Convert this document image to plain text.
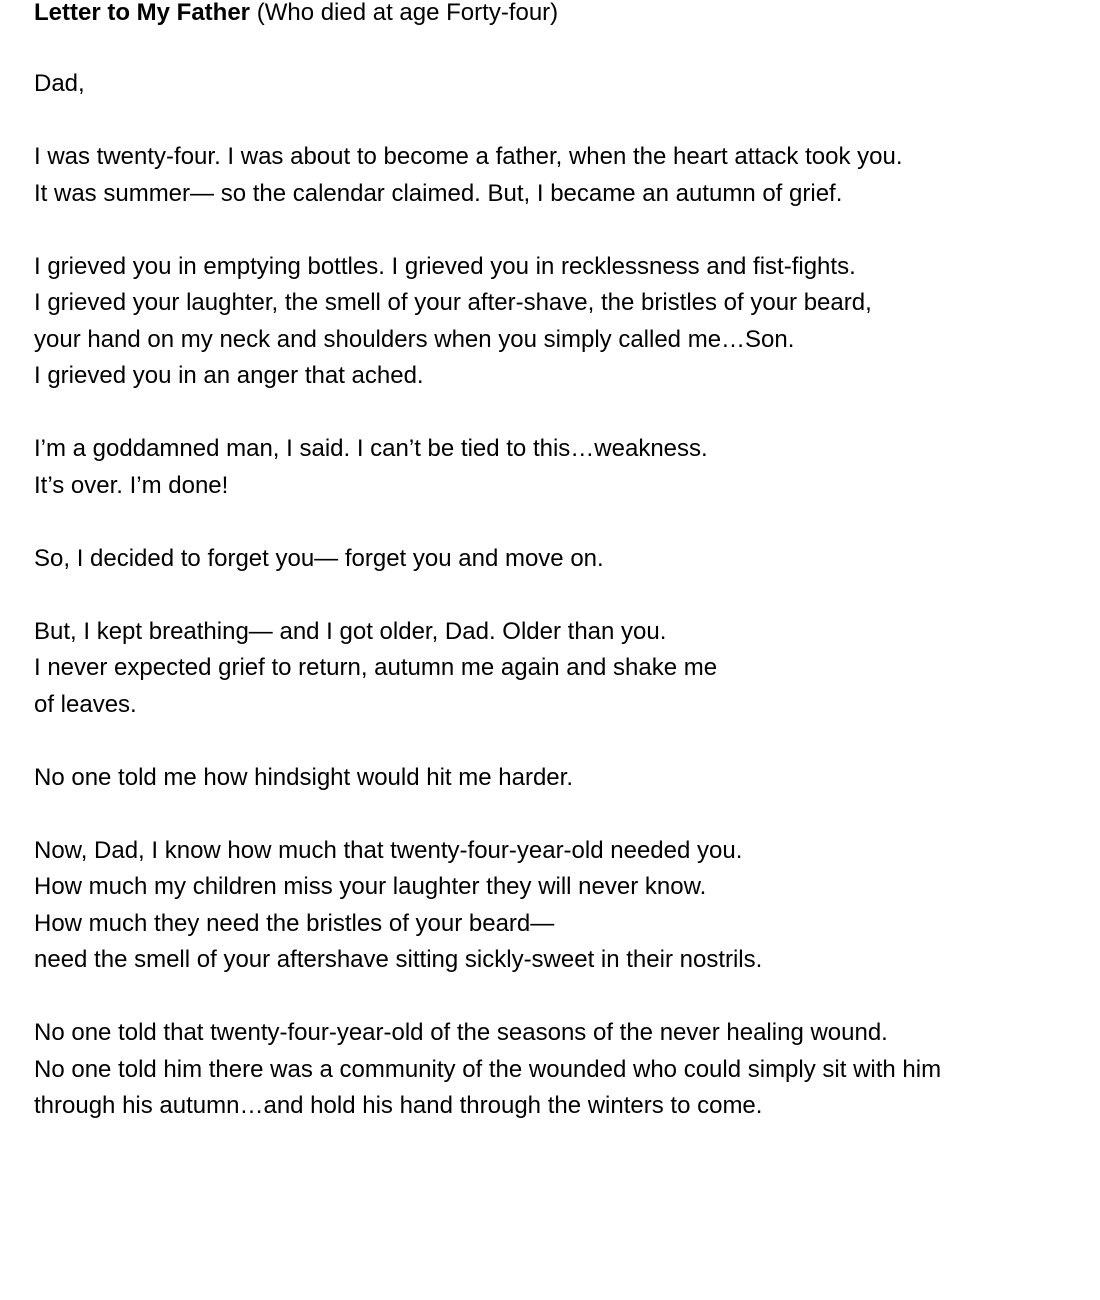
Letter to My Father (Who died at age Forty-four)
Dad,
I was twenty-four. I was about to become a father, when the heart attack took you.
It was summer— so the calendar claimed. But, I became an autumn of grief.
I grieved you in emptying bottles. I grieved you in recklessness and fist-fights.
I grieved your laughter, the smell of your after-shave, the bristles of your beard,
your hand on my neck and shoulders when you simply called me…Son.
I grieved you in an anger that ached.
I’m a goddamned man, I said. I can’t be tied to this…weakness.
It’s over. I’m done!
So, I decided to forget you— forget you and move on.
But, I kept breathing— and I got older, Dad. Older than you.
I never expected grief to return, autumn me again and shake me
of leaves.
No one told me how hindsight would hit me harder.
Now, Dad, I know how much that twenty-four-year-old needed you.
How much my children miss your laughter they will never know.
How much they need the bristles of your beard—
need the smell of your aftershave sitting sickly-sweet in their nostrils.
No one told that twenty-four-year-old of the seasons of the never healing wound.
No one told him there was a community of the wounded who could simply sit with him
through his autumn…and hold his hand through the winters to come.
